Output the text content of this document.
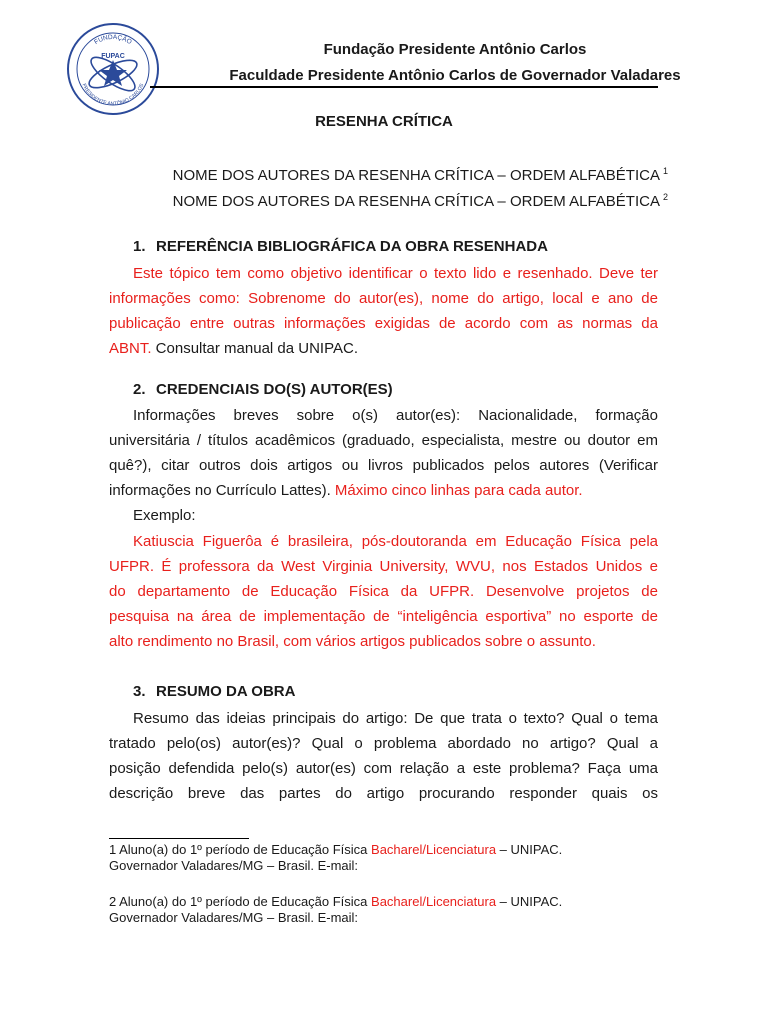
FUNDAÇÃO
PRESIDENTE ANTÔNIO CARLOS
FUPAC	Fundação Presidente Antônio Carlos
Faculdade Presidente Antônio Carlos de Governador Valadares
RESENHA CRÍTICA
NOME DOS AUTORES DA RESENHA CRÍTICA – ORDEM ALFABÉTICA $^1$
NOME DOS AUTORES DA RESENHA CRÍTICA – ORDEM ALFABÉTICA $^2$
1. REFERÊNCIA BIBLIOGRÁFICA DA OBRA RESENHADA
Este tópico tem como objetivo identificar o texto lido e resenhado. Deve ter
informações como: Sobrenome do autor(es), nome do artigo, local e ano de
publicação entre outras informações exigidas de acordo com as normas da
ABNT. Consultar manual da UNIPAC.
2. CREDENCIAIS DO(S) AUTOR(ES)
Informações breves sobre o(s) autor(es): Nacionalidade, formação
universitária / títulos acadêmicos (graduado, especialista, mestre ou doutor em
quê?), citar outros dois artigos ou livros publicados pelos autores (Verificar
informações no Currículo Lattes). Máximo cinco linhas para cada autor.
Exemplo:
Katiuscia Figuerôa é brasileira, pós-doutoranda em Educação Física pela
UFPR. É professora da West Virginia University, WVU, nos Estados Unidos e
do departamento de Educação Física da UFPR. Desenvolve projetos de
pesquisa na área de implementação de “inteligência esportiva” no esporte de
alto rendimento no Brasil, com vários artigos publicados sobre o assunto.
3. RESUMO DA OBRA
Resumo das ideias principais do artigo: De que trata o texto? Qual o tema
tratado pelo(os) autor(es)? Qual o problema abordado no artigo? Qual a
posição defendida pelo(s) autor(es) com relação a este problema? Faça uma
descrição breve das partes do artigo procurando responder quais os
1 Aluno(a) do 1º período de Educação Física Bacharel/Licenciatura – UNIPAC.
Governador Valadares/MG – Brasil. E-mail:
2 Aluno(a) do 1º período de Educação Física Bacharel/Licenciatura – UNIPAC.
Governador Valadares/MG – Brasil. E-mail:
